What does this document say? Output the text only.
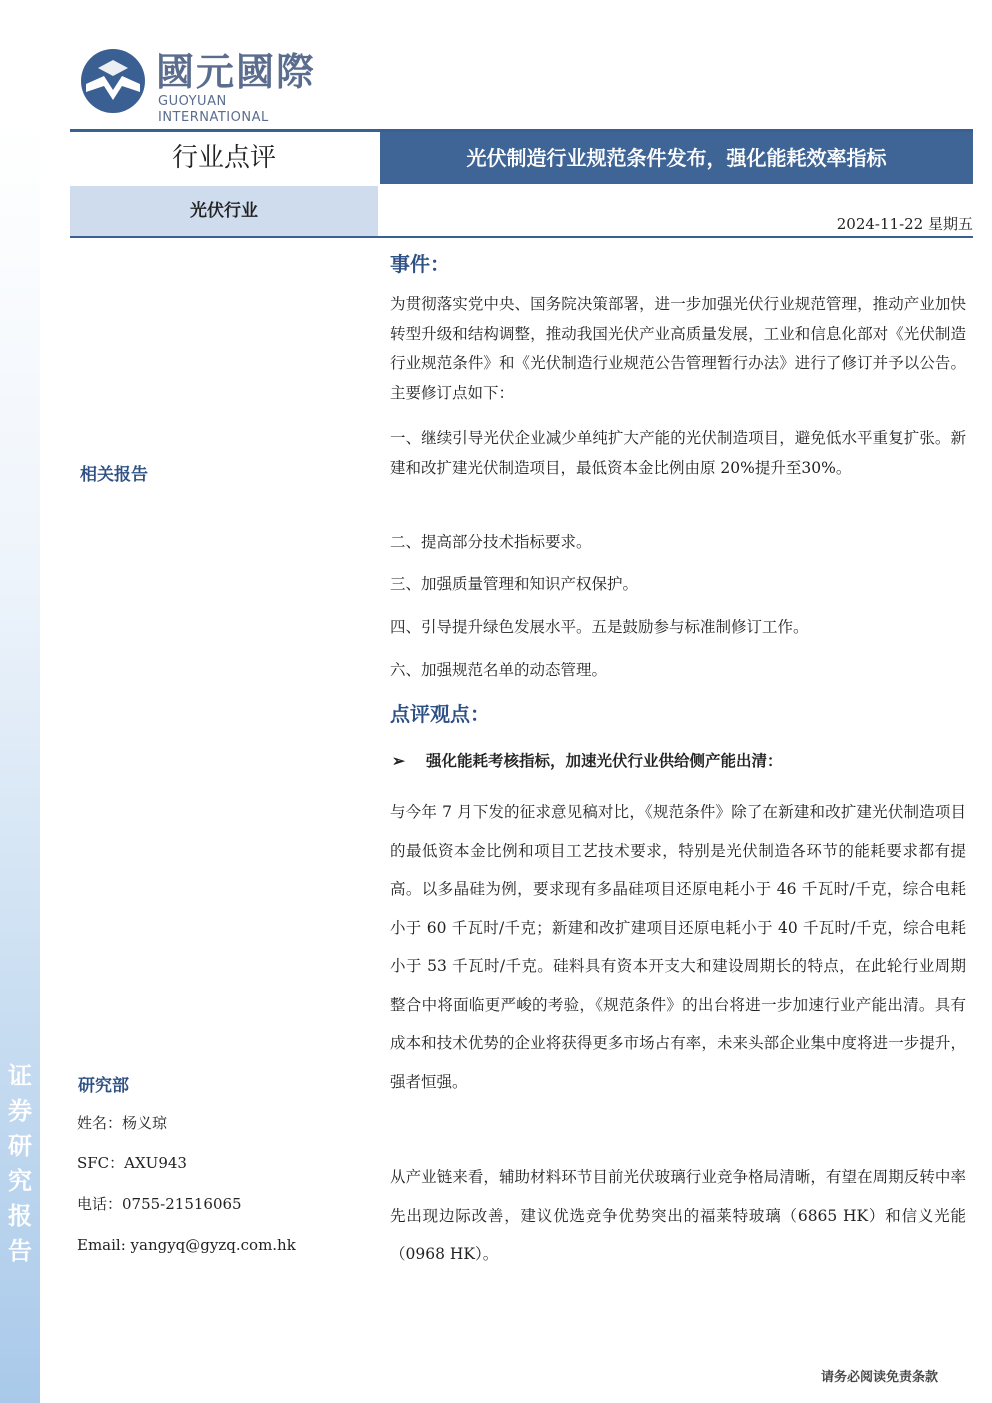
证券研究报告
國元國際
GUOYUAN INTERNATIONAL
行业点评	光伏制造行业规范条件发布，强化能耗效率指标
光伏行业
2024-11-22 星期五
相关报告
研究部
姓名：杨义琼
SFC：AXU943
电话：0755-21516065
Email: yangyq@gyzq.com.hk
事件：

为贯彻落实党中央、国务院决策部署，进一步加强光伏行业规范管理，推动产业加快转型升级和结构调整，推动我国光伏产业高质量发展，工业和信息化部对《光伏制造行业规范条件》和《光伏制造行业规范公告管理暂行办法》进行了修订并予以公告。主要修订点如下：

一、继续引导光伏企业减少单纯扩大产能的光伏制造项目，避免低水平重复扩张。新建和改扩建光伏制造项目，最低资本金比例由原 20%提升至30%。

二、提高部分技术指标要求。

三、加强质量管理和知识产权保护。

四、引导提升绿色发展水平。五是鼓励参与标准制修订工作。

六、加强规范名单的动态管理。

点评观点：
➢ 强化能耗考核指标，加速光伏行业供给侧产能出清：

与今年 7 月下发的征求意见稿对比，《规范条件》除了在新建和改扩建光伏制造项目的最低资本金比例和项目工艺技术要求，特别是光伏制造各环节的能耗要求都有提高。以多晶硅为例，要求现有多晶硅项目还原电耗小于 46 千瓦时/千克，综合电耗小于 60 千瓦时/千克；新建和改扩建项目还原电耗小于 40 千瓦时/千克，综合电耗小于 53 千瓦时/千克。硅料具有资本开支大和建设周期长的特点，在此轮行业周期整合中将面临更严峻的考验，《规范条件》的出台将进一步加速行业产能出清。具有成本和技术优势的企业将获得更多市场占有率，未来头部企业集中度将进一步提升，强者恒强。

从产业链来看，辅助材料环节目前光伏玻璃行业竞争格局清晰，有望在周期反转中率先出现边际改善，建议优选竞争优势突出的福莱特玻璃（6865 HK）和信义光能（0968 HK）。

请务必阅读免责条款
